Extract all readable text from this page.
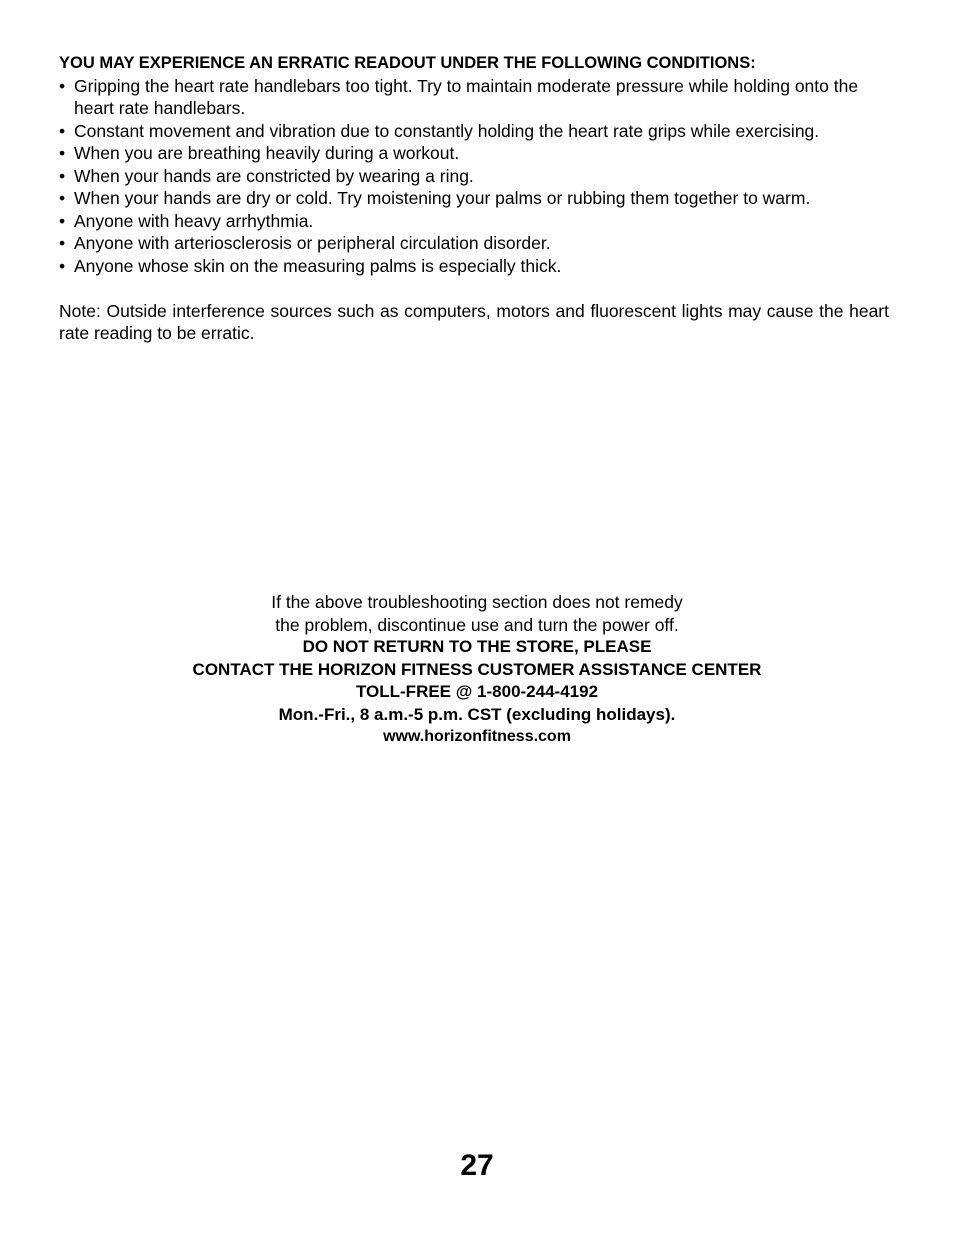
YOU MAY EXPERIENCE AN ERRATIC READOUT UNDER THE FOLLOWING CONDITIONS:

• Gripping the heart rate handlebars too tight. Try to maintain moderate pressure while holding onto the heart rate handlebars.
• Constant movement and vibration due to constantly holding the heart rate grips while exercising.
• When you are breathing heavily during a workout.
• When your hands are constricted by wearing a ring.
• When your hands are dry or cold. Try moistening your palms or rubbing them together to warm.
• Anyone with heavy arrhythmia.
• Anyone with arteriosclerosis or peripheral circulation disorder.
• Anyone whose skin on the measuring palms is especially thick.

Note: Outside interference sources such as computers, motors and fluorescent lights may cause the heart rate reading to be erratic.

If the above troubleshooting section does not remedy
the problem, discontinue use and turn the power off.
DO NOT RETURN TO THE STORE, PLEASE
CONTACT THE HORIZON FITNESS CUSTOMER ASSISTANCE CENTER
TOLL-FREE @ 1-800-244-4192
Mon.-Fri., 8 a.m.-5 p.m. CST (excluding holidays).
www.horizonfitness.com
27
